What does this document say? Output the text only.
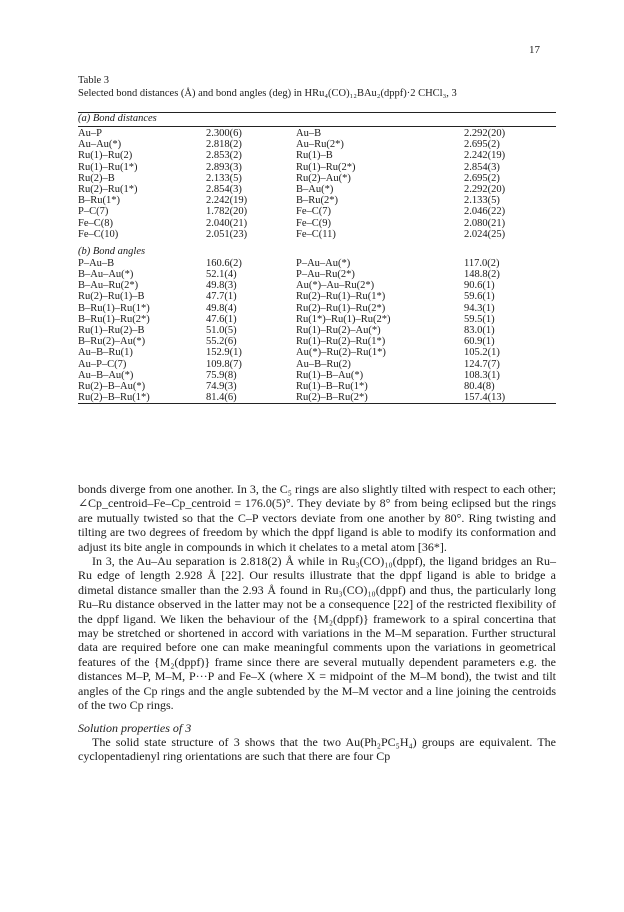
17
Table 3
Selected bond distances (Å) and bond angles (deg) in HRu₄(CO)₁₂BAu₂(dppf)·2 CHCl₃, 3
(a) Bond distances
Au–P	2.300(6)	Au–B	2.292(20)
Au–Au(*)	2.818(2)	Au–Ru(2*)	2.695(2)
Ru(1)–Ru(2)	2.853(2)	Ru(1)–B	2.242(19)
Ru(1)–Ru(1*)	2.893(3)	Ru(1)–Ru(2*)	2.854(3)
Ru(2)–B	2.133(5)	Ru(2)–Au(*)	2.695(2)
Ru(2)–Ru(1*)	2.854(3)	B–Au(*)	2.292(20)
B–Ru(1*)	2.242(19)	B–Ru(2*)	2.133(5)
P–C(7)	1.782(20)	Fe–C(7)	2.046(22)
Fe–C(8)	2.040(21)	Fe–C(9)	2.080(21)
Fe–C(10)	2.051(23)	Fe–C(11)	2.024(25)
(b) Bond angles
P–Au–B	160.6(2)	P–Au–Au(*)	117.0(2)
B–Au–Au(*)	52.1(4)	P–Au–Ru(2*)	148.8(2)
B–Au–Ru(2*)	49.8(3)	Au(*)–Au–Ru(2*)	90.6(1)
Ru(2)–Ru(1)–B	47.7(1)	Ru(2)–Ru(1)–Ru(1*)	59.6(1)
B–Ru(1)–Ru(1*)	49.8(4)	Ru(2)–Ru(1)–Ru(2*)	94.3(1)
B–Ru(1)–Ru(2*)	47.6(1)	Ru(1*)–Ru(1)–Ru(2*)	59.5(1)
Ru(1)–Ru(2)–B	51.0(5)	Ru(1)–Ru(2)–Au(*)	83.0(1)
B–Ru(2)–Au(*)	55.2(6)	Ru(1)–Ru(2)–Ru(1*)	60.9(1)
Au–B–Ru(1)	152.9(1)	Au(*)–Ru(2)–Ru(1*)	105.2(1)
Au–P–C(7)	109.8(7)	Au–B–Ru(2)	124.7(7)
Au–B–Au(*)	75.9(8)	Ru(1)–B–Au(*)	108.3(1)
Ru(2)–B–Au(*)	74.9(3)	Ru(1)–B–Ru(1*)	80.4(8)
Ru(2)–B–Ru(1*)	81.4(6)	Ru(2)–B–Ru(2*)	157.4(13)

bonds diverge from one another. In 3, the C₅ rings are also slightly tilted with respect to each other; ∠Cp_centroid–Fe–Cp_centroid = 176.0(5)°. They deviate by 8° from being eclipsed but the rings are mutually twisted so that the C–P vectors deviate from one another by 80°. Ring twisting and tilting are two degrees of freedom by which the dppf ligand is able to modify its conformation and adjust its bite angle in compounds in which it chelates to a metal atom [36*].

In 3, the Au–Au separation is 2.818(2) Å while in Ru₃(CO)₁₀(dppf), the ligand bridges an Ru–Ru edge of length 2.928 Å [22]. Our results illustrate that the dppf ligand is able to bridge a dimetal distance smaller than the 2.93 Å found in Ru₃(CO)₁₀(dppf) and thus, the particularly long Ru–Ru distance observed in the latter may not be a consequence [22] of the restricted flexibility of the dppf ligand. We liken the behaviour of the {M₂(dppf)} framework to a spiral concertina that may be stretched or shortened in accord with variations in the M–M separation. Further structural data are required before one can make meaningful comments upon the variations in geometrical features of the {M₂(dppf)} frame since there are several mutually dependent parameters e.g. the distances M–P, M–M, P···P and Fe–X (where X = midpoint of the M–M bond), the twist and tilt angles of the Cp rings and the angle subtended by the M–M vector and a line joining the centroids of the two Cp rings.

Solution properties of 3

The solid state structure of 3 shows that the two Au(Ph₂PC₅H₄) groups are equivalent. The cyclopentadienyl ring orientations are such that there are four Cp
